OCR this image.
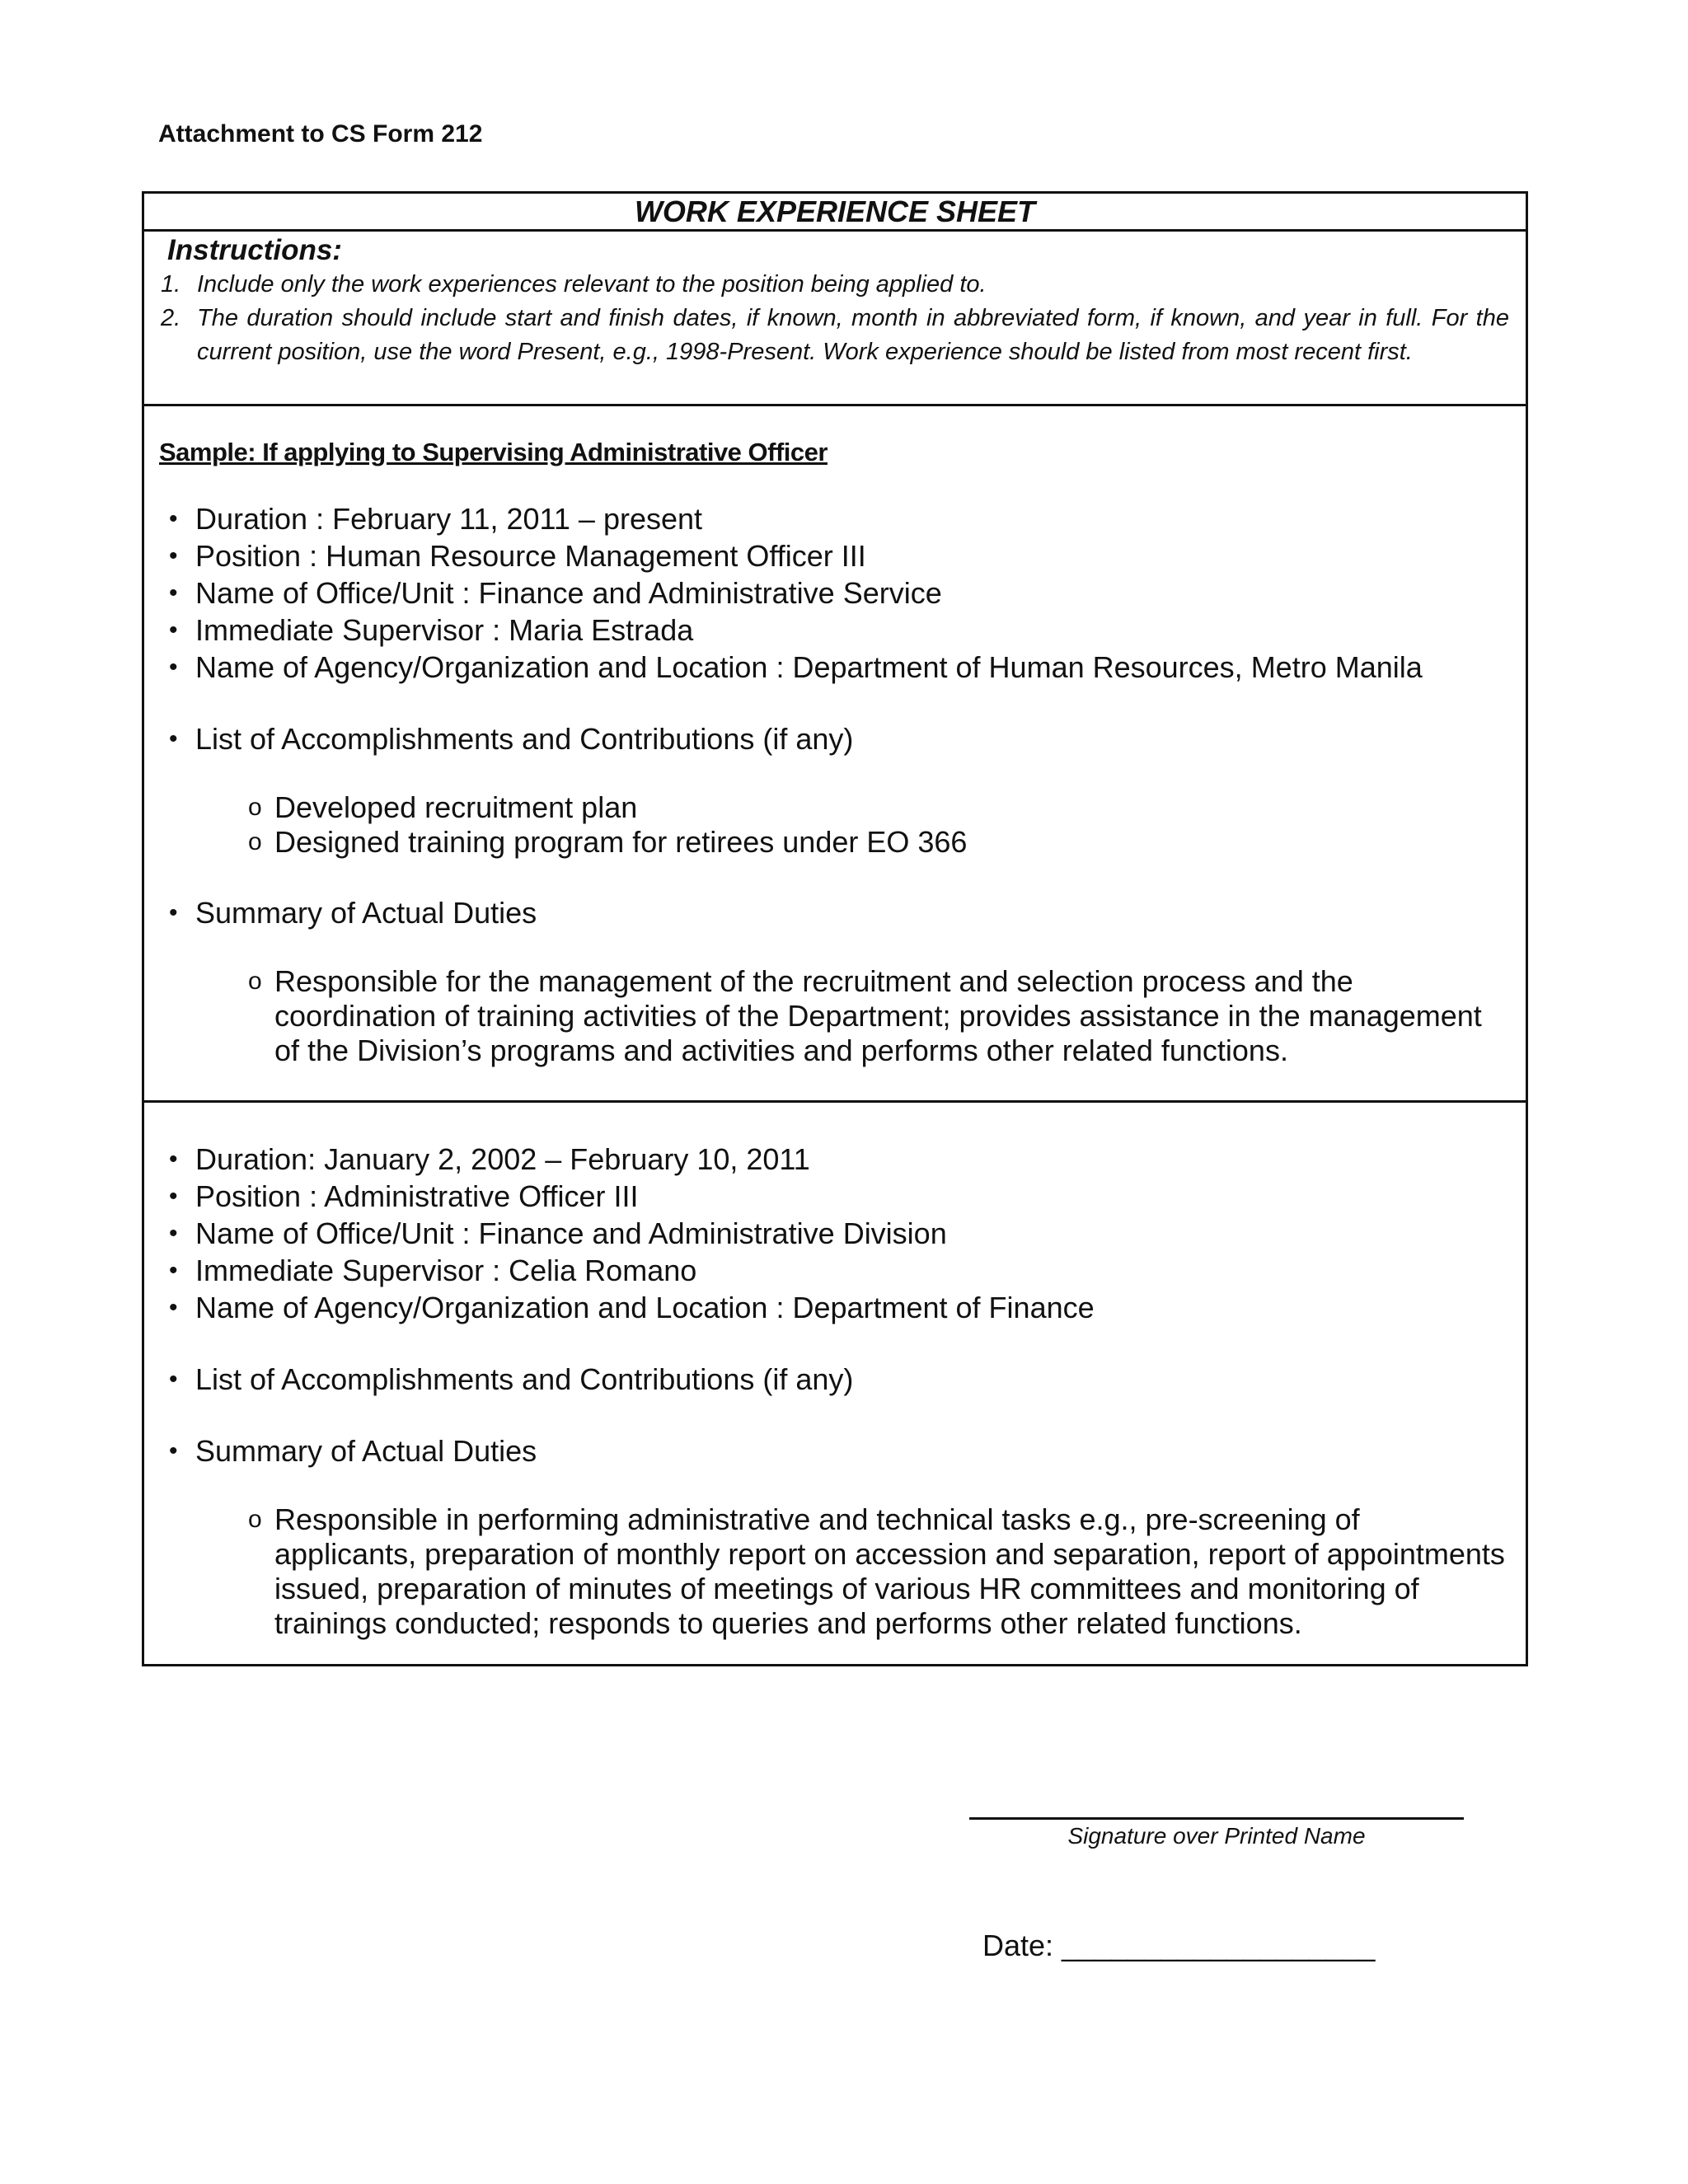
Attachment to CS Form 212
WORK EXPERIENCE SHEET
Instructions:
1. Include only the work experiences relevant to the position being applied to.
2. The duration should include start and finish dates, if known, month in abbreviated form, if known, and year in full. For the current position, use the word Present, e.g., 1998-Present. Work experience should be listed from most recent first.
Sample: If applying to Supervising Administrative Officer
• Duration : February 11, 2011 – present
• Position : Human Resource Management Officer III
• Name of Office/Unit : Finance and Administrative Service
• Immediate Supervisor : Maria Estrada
• Name of Agency/Organization and Location : Department of Human Resources, Metro Manila
• List of Accomplishments and Contributions (if any)
o Developed recruitment plan
o Designed training program for retirees under EO 366
• Summary of Actual Duties
o Responsible for the management of the recruitment and selection process and the coordination of training activities of the Department; provides assistance in the management of the Division’s programs and activities and performs other related functions.
• Duration: January 2, 2002 – February 10, 2011
• Position : Administrative Officer III
• Name of Office/Unit : Finance and Administrative Division
• Immediate Supervisor : Celia Romano
• Name of Agency/Organization and Location : Department of Finance
• List of Accomplishments and Contributions (if any)
• Summary of Actual Duties
o Responsible in performing administrative and technical tasks e.g., pre-screening of applicants, preparation of monthly report on accession and separation, report of appointments issued, preparation of minutes of meetings of various HR committees and monitoring of trainings conducted; responds to queries and performs other related functions.
Signature over Printed Name
Date: ___________________
